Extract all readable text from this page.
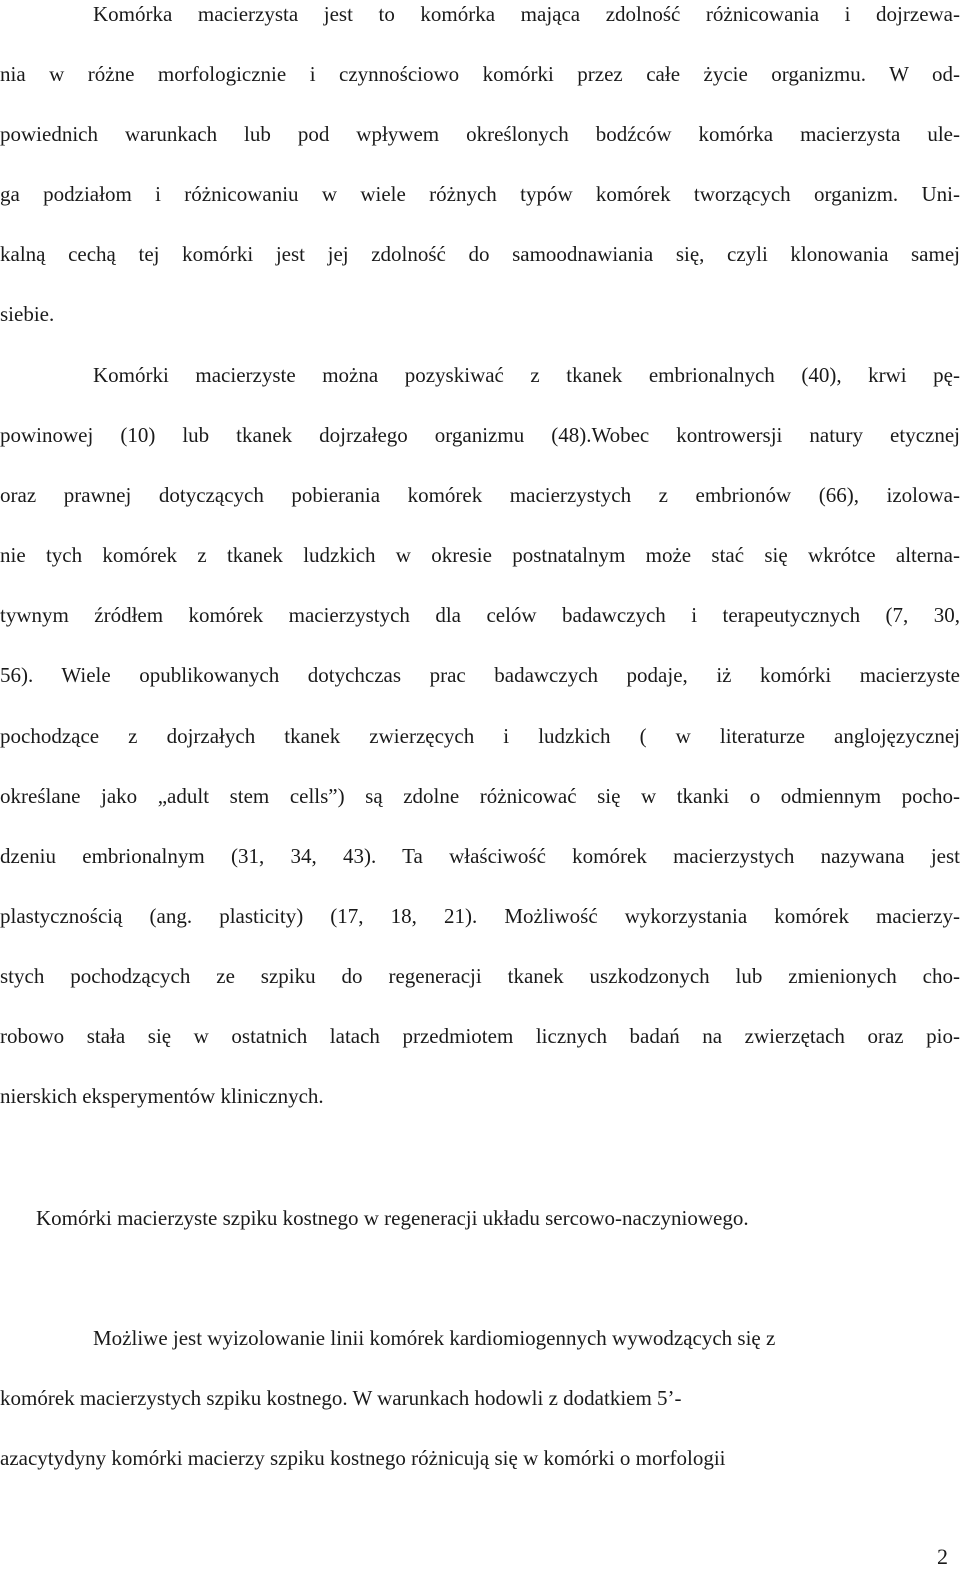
Komórka macierzysta jest to komórka mająca zdolność różnicowania i dojrzewa-
nia w różne morfologicznie i czynnościowo komórki przez całe życie organizmu. W od-
powiednich warunkach lub pod wpływem określonych bodźców komórka macierzysta ule-
ga podziałom i różnicowaniu w wiele różnych typów komórek tworzących organizm. Uni-
kalną cechą tej komórki jest jej zdolność do samoodnawiania się, czyli klonowania samej
siebie.
Komórki macierzyste można pozyskiwać z tkanek embrionalnych (40), krwi pę-
powinowej (10) lub tkanek dojrzałego organizmu (48).Wobec kontrowersji natury etycznej
oraz prawnej dotyczących pobierania komórek macierzystych z embrionów (66), izolowa-
nie tych komórek z tkanek ludzkich w okresie postnatalnym może stać się wkrótce alterna-
tywnym źródłem komórek macierzystych dla celów badawczych i terapeutycznych (7, 30,
56). Wiele opublikowanych dotychczas prac badawczych podaje, iż komórki macierzyste
pochodzące z dojrzałych tkanek zwierzęcych i ludzkich ( w literaturze anglojęzycznej
określane jako „adult stem cells”) są zdolne różnicować się w tkanki o odmiennym pocho-
dzeniu embrionalnym (31, 34, 43). Ta właściwość komórek macierzystych nazywana jest
plastycznością (ang. plasticity) (17, 18, 21). Możliwość wykorzystania komórek macierzy-
stych pochodzących ze szpiku do regeneracji tkanek uszkodzonych lub zmienionych cho-
robowo stała się w ostatnich latach przedmiotem licznych badań na zwierzętach oraz pio-
nierskich eksperymentów klinicznych.
Komórki macierzyste szpiku kostnego w regeneracji układu sercowo-naczyniowego.
Możliwe jest wyizolowanie linii komórek kardiomiogennych wywodzących się z
komórek macierzystych szpiku kostnego. W warunkach hodowli z dodatkiem 5’-
azacytydyny komórki macierzy szpiku kostnego różnicują się w komórki o morfologii
2
